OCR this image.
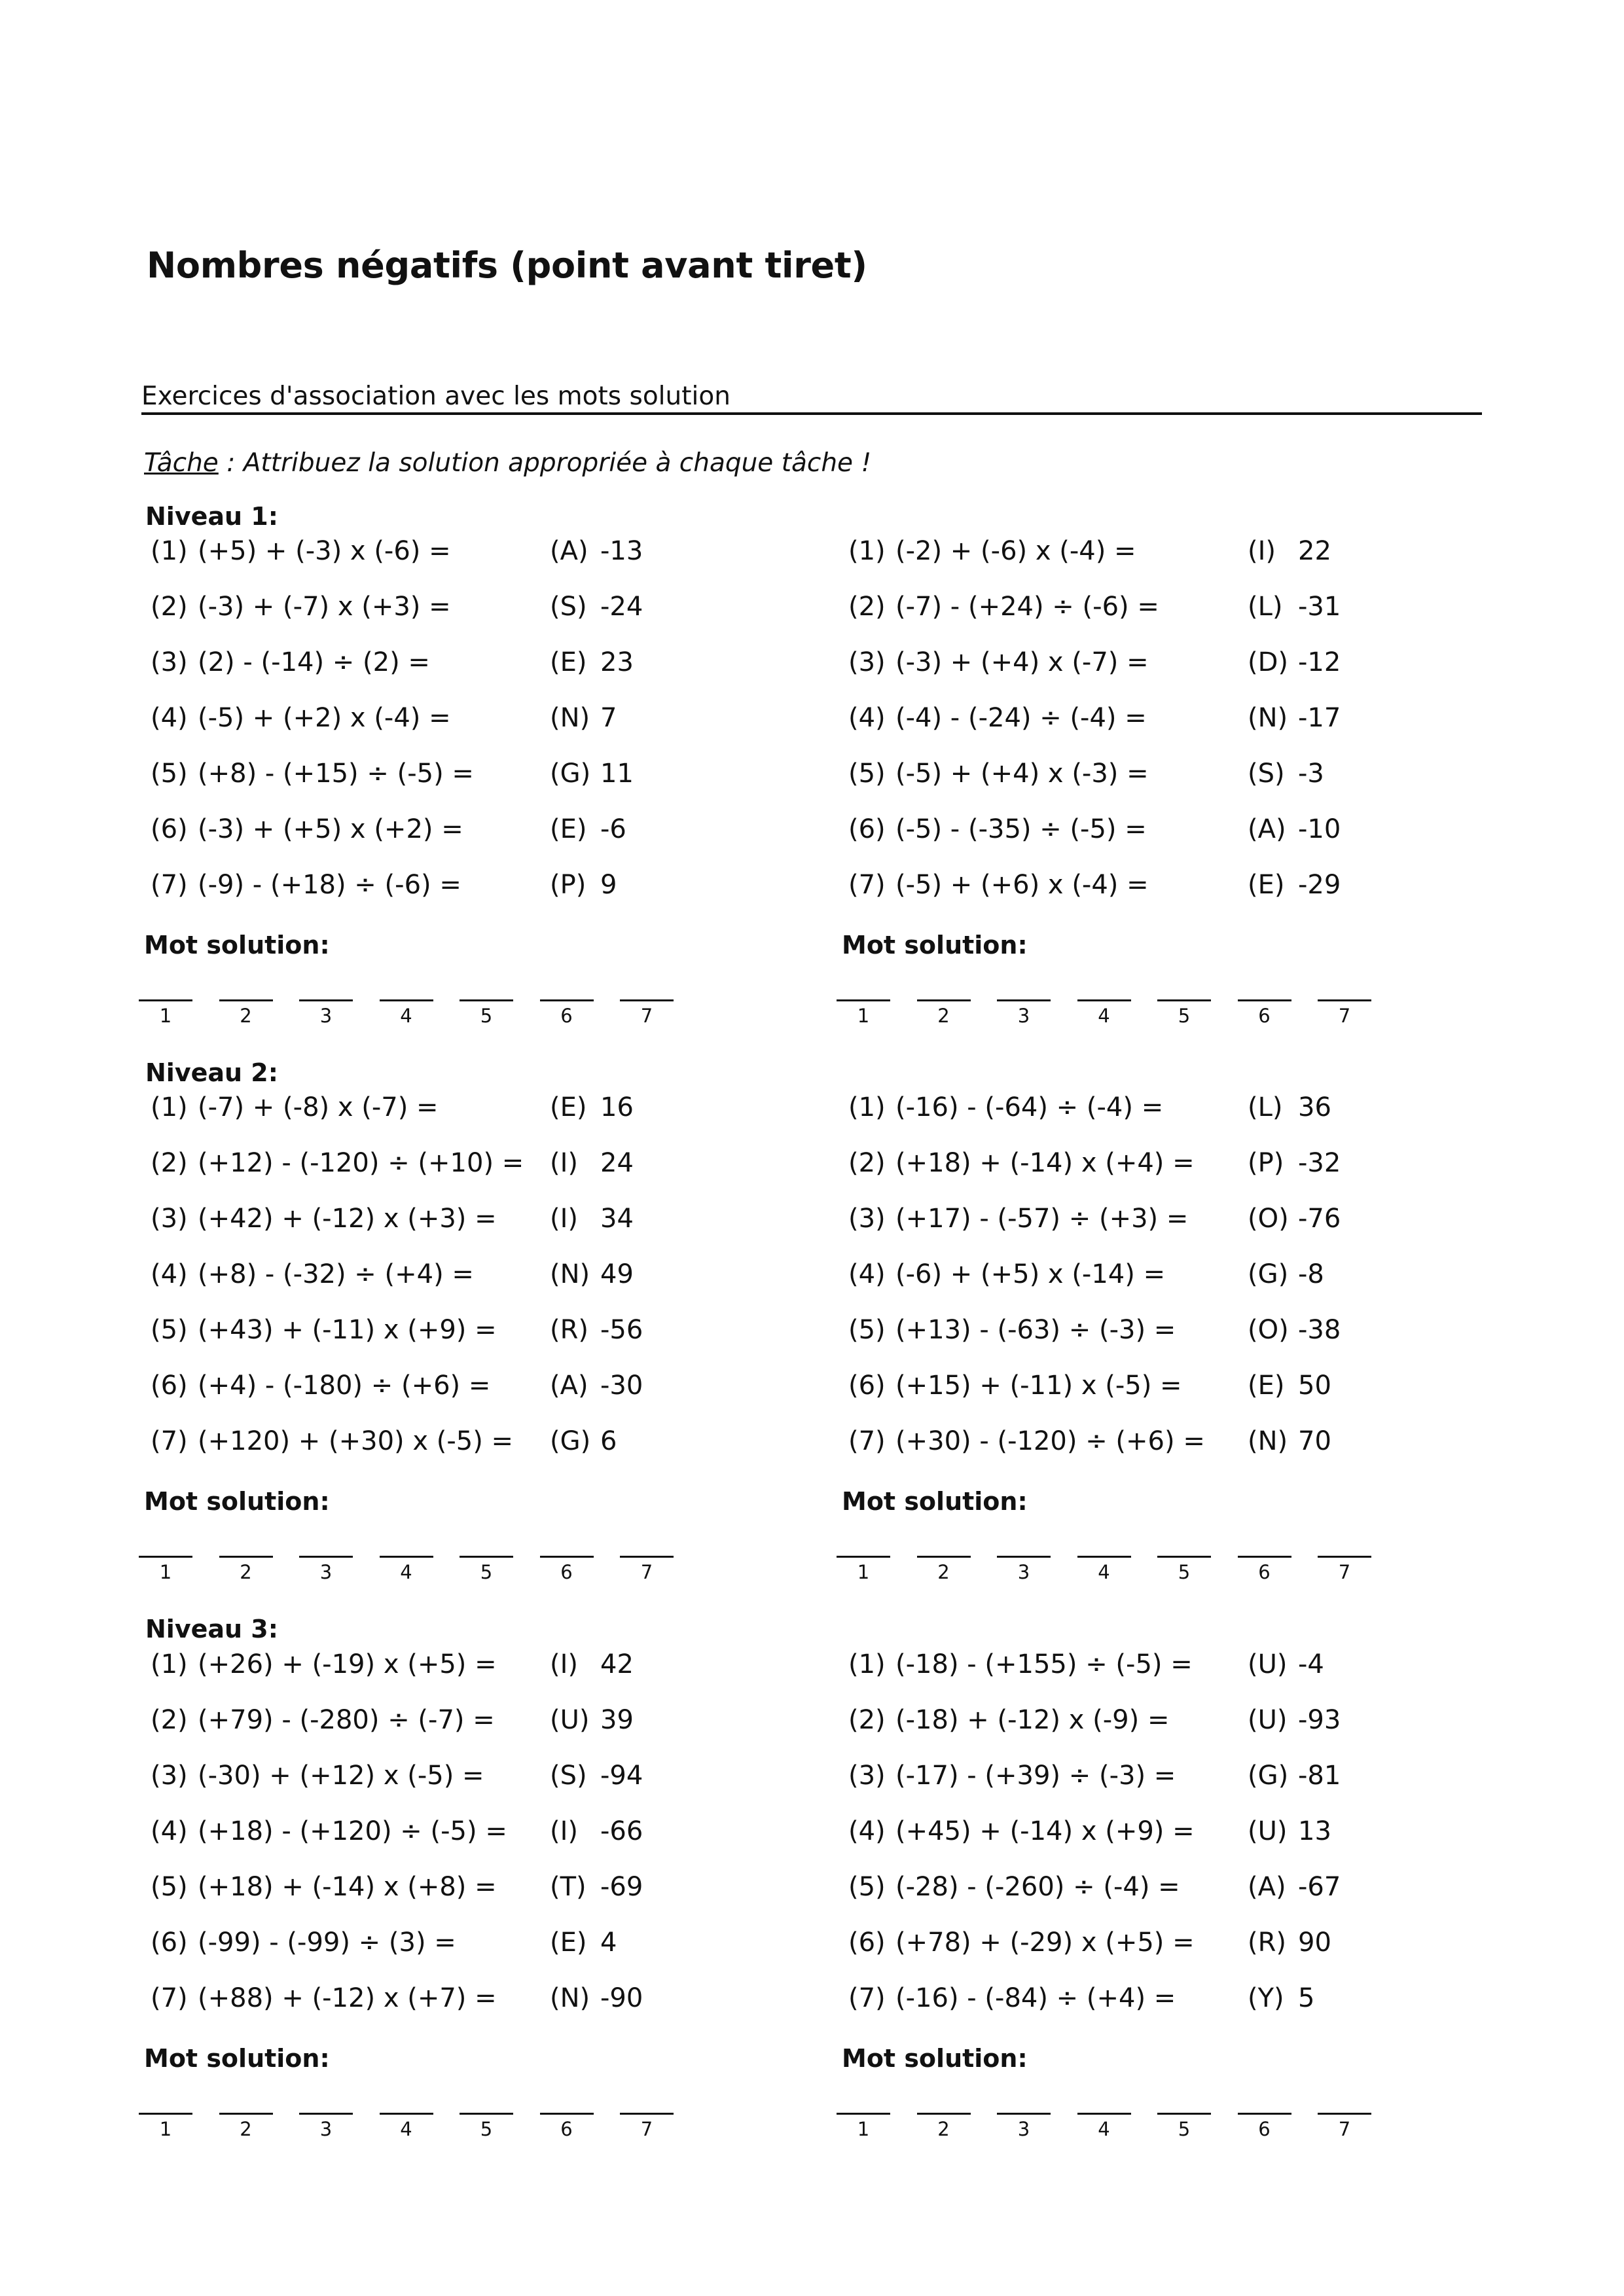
Nombres négatifs (point avant tiret)
Exercices d'association avec les mots solution
Tâche : Attribuez la solution appropriée à chaque tâche !
Niveau 1:
(1) (+5) + (-3) x (-6) =	(A) -13
(2) (-3) + (-7) x (+3) =	(S) -24
(3) (2) - (-14) ÷ (2) =	(E) 23
(4) (-5) + (+2) x (-4) =	(N) 7
(5) (+8) - (+15) ÷ (-5) =	(G) 11
(6) (-3) + (+5) x (+2) =	(E) -6
(7) (-9) - (+18) ÷ (-6) =	(P) 9
Mot solution:
1	2	3	4	5	6	7
(1) (-2) + (-6) x (-4) =	(I) 22
(2) (-7) - (+24) ÷ (-6) =	(L) -31
(3) (-3) + (+4) x (-7) =	(D) -12
(4) (-4) - (-24) ÷ (-4) =	(N) -17
(5) (-5) + (+4) x (-3) =	(S) -3
(6) (-5) - (-35) ÷ (-5) =	(A) -10
(7) (-5) + (+6) x (-4) =	(E) -29
Mot solution:
1	2	3	4	5	6	7
Niveau 2:
(1) (-7) + (-8) x (-7) =	(E) 16
(2) (+12) - (-120) ÷ (+10) = (I) 24
(3) (+42) + (-12) x (+3) = (I) 34
(4) (+8) - (-32) ÷ (+4) =	(N) 49
(5) (+43) + (-11) x (+9) = (R) -56
(6) (+4) - (-180) ÷ (+6) = (A) -30
(7) (+120) + (+30) x (-5) = (G) 6
Mot solution:
1	2	3	4	5	6	7
(1) (-16) - (-64) ÷ (-4) =	(L) 36
(2) (+18) + (-14) x (+4) = (P) -32
(3) (+17) - (-57) ÷ (+3) = (O) -76
(4) (-6) + (+5) x (-14) =	(G) -8
(5) (+13) - (-63) ÷ (-3) =	(O) -38
(6) (+15) + (-11) x (-5) =	(E) 50
(7) (+30) - (-120) ÷ (+6) = (N) 70
Mot solution:
1	2	3	4	5	6	7
Niveau 3:
(1) (+26) + (-19) x (+5) = (I) 42
(2) (+79) - (-280) ÷ (-7) = (U) 39
(3) (-30) + (+12) x (-5) =	(S) -94
(4) (+18) - (+120) ÷ (-5) = (I) -66
(5) (+18) + (-14) x (+8) = (T) -69
(6) (-99) - (-99) ÷ (3) =	(E) 4
(7) (+88) + (-12) x (+7) = (N) -90
Mot solution:
1	2	3	4	5	6	7
(1) (-18) - (+155) ÷ (-5) = (U) -4
(2) (-18) + (-12) x (-9) =	(U) -93
(3) (-17) - (+39) ÷ (-3) =	(G) -81
(4) (+45) + (-14) x (+9) = (U) 13
(5) (-28) - (-260) ÷ (-4) =	(A) -67
(6) (+78) + (-29) x (+5) = (R) 90
(7) (-16) - (-84) ÷ (+4) =	(Y) 5
Mot solution:
1	2	3	4	5	6	7
